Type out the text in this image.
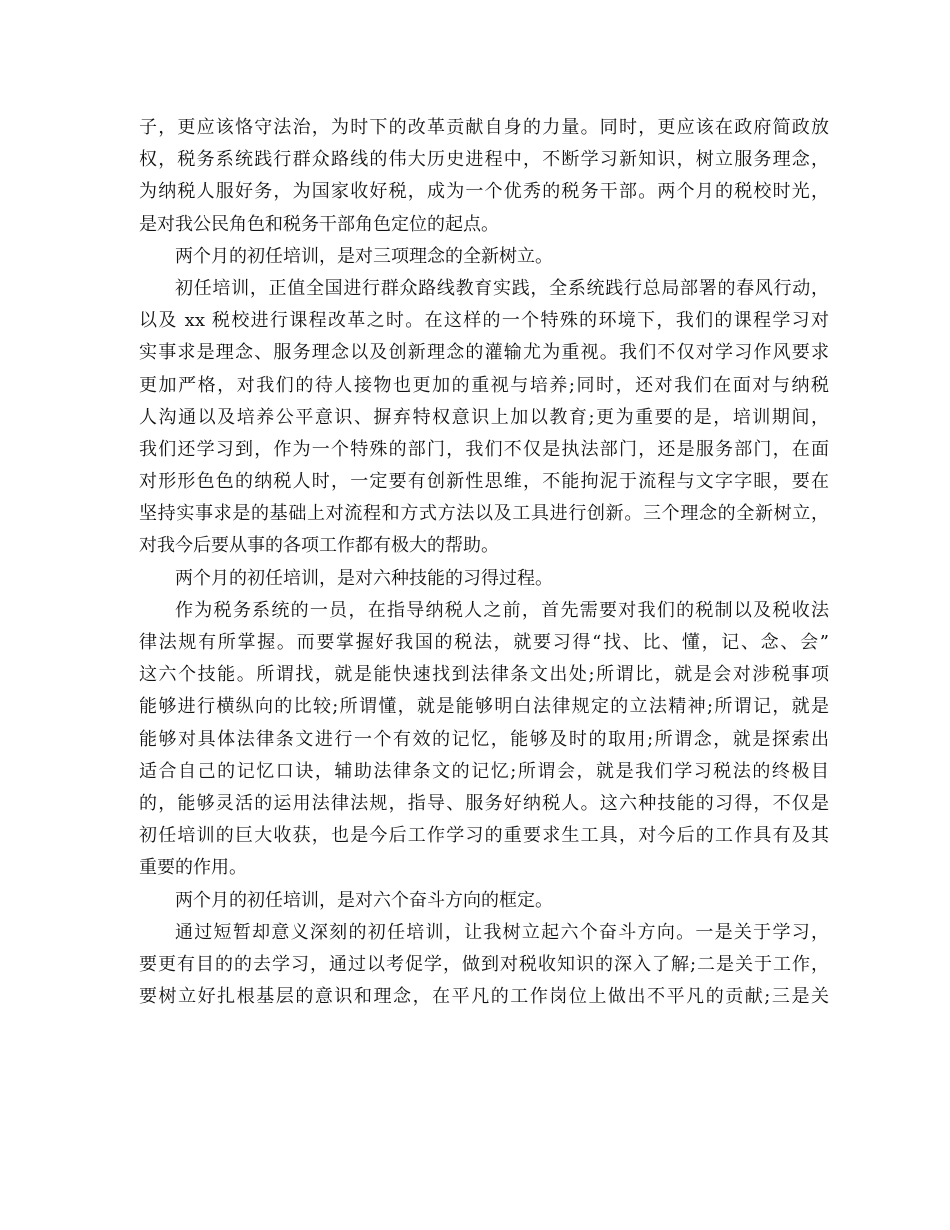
子，更应该恪守法治，为时下的改革贡献自身的力量。同时，更应该在政府简政放
权，税务系统践行群众路线的伟大历史进程中，不断学习新知识，树立服务理念，
为纳税人服好务，为国家收好税，成为一个优秀的税务干部。两个月的税校时光，
是对我公民角色和税务干部角色定位的起点。
两个月的初任培训，是对三项理念的全新树立。
初任培训，正值全国进行群众路线教育实践，全系统践行总局部署的春风行动，
以及 xx 税校进行课程改革之时。在这样的一个特殊的环境下，我们的课程学习对
实事求是理念、服务理念以及创新理念的灌输尤为重视。我们不仅对学习作风要求
更加严格，对我们的待人接物也更加的重视与培养;同时，还对我们在面对与纳税
人沟通以及培养公平意识、摒弃特权意识上加以教育;更为重要的是，培训期间，
我们还学习到，作为一个特殊的部门，我们不仅是执法部门，还是服务部门，在面
对形形色色的纳税人时，一定要有创新性思维，不能拘泥于流程与文字字眼，要在
坚持实事求是的基础上对流程和方式方法以及工具进行创新。三个理念的全新树立，
对我今后要从事的各项工作都有极大的帮助。
两个月的初任培训，是对六种技能的习得过程。
作为税务系统的一员，在指导纳税人之前，首先需要对我们的税制以及税收法
律法规有所掌握。而要掌握好我国的税法，就要习得“找、比、懂，记、念、会”
这六个技能。所谓找，就是能快速找到法律条文出处;所谓比，就是会对涉税事项
能够进行横纵向的比较;所谓懂，就是能够明白法律规定的立法精神;所谓记，就是
能够对具体法律条文进行一个有效的记忆，能够及时的取用;所谓念，就是探索出
适合自己的记忆口诀，辅助法律条文的记忆;所谓会，就是我们学习税法的终极目
的，能够灵活的运用法律法规，指导、服务好纳税人。这六种技能的习得，不仅是
初任培训的巨大收获，也是今后工作学习的重要求生工具，对今后的工作具有及其
重要的作用。
两个月的初任培训，是对六个奋斗方向的框定。
通过短暂却意义深刻的初任培训，让我树立起六个奋斗方向。一是关于学习，
要更有目的的去学习，通过以考促学，做到对税收知识的深入了解;二是关于工作，
要树立好扎根基层的意识和理念，在平凡的工作岗位上做出不平凡的贡献;三是关
